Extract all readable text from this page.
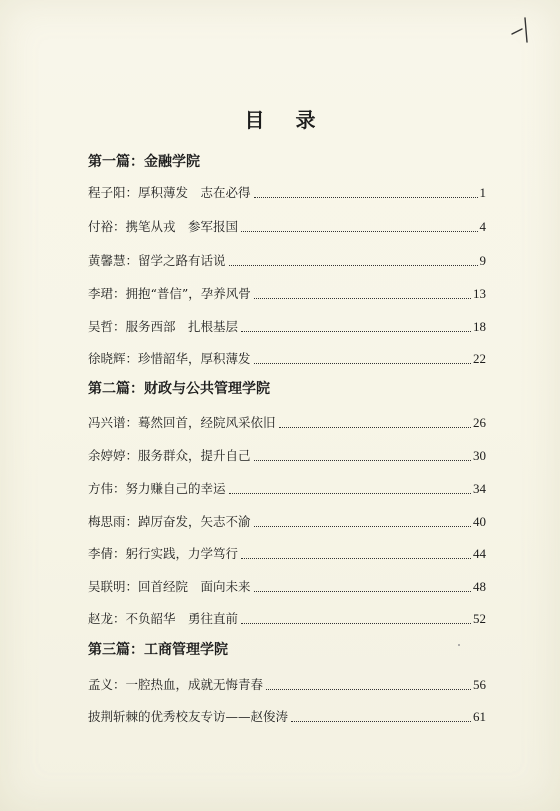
目 录
第一篇：金融学院
程子阳：厚积薄发　志在必得	1
付裕：携笔从戎　参军报国	4
黄馨慧：留学之路有话说	9
李珺：拥抱“普信”，孕养风骨	13
吴哲：服务西部　扎根基层	18
徐晓辉：珍惜韶华，厚积薄发	22
第二篇：财政与公共管理学院
冯兴谱：蓦然回首，经院风采依旧	26
余婷婷：服务群众，提升自己	30
方伟：努力赚自己的幸运	34
梅思雨：踔厉奋发，矢志不渝	40
李倩：躬行实践，力学笃行	44
吴联明：回首经院　面向未来	48
赵龙：不负韶华　勇往直前	52
第三篇：工商管理学院
孟义：一腔热血，成就无悔青春	56
披荆斩棘的优秀校友专访——赵俊涛	61
